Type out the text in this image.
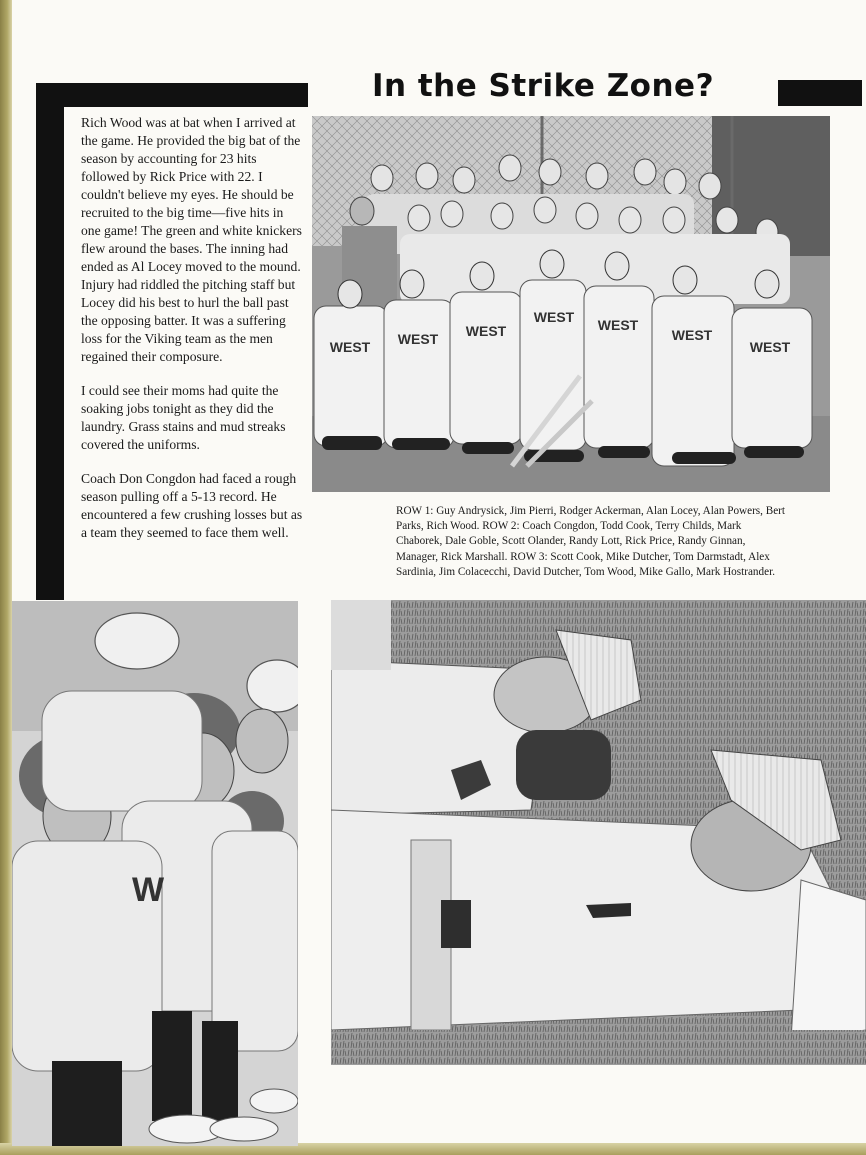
In the Strike Zone?

Rich Wood was at bat when I arrived at the game. He provided the big bat of the season by accounting for 23 hits followed by Rick Price with 22. I couldn't believe my eyes. He should be recruited to the big time—five hits in one game! The green and white knickers flew around the bases. The inning had ended as Al Locey moved to the mound. Injury had riddled the pitching staff but Locey did his best to hurl the ball past the opposing batter. It was a suffering loss for the Viking team as the men regained their composure.

I could see their moms had quite the soaking jobs tonight as they did the laundry. Grass stains and mud streaks covered the uniforms.

Coach Don Congdon had faced a rough season pulling off a 5-13 record. He encountered a few crushing losses but as a team they seemed to face them well.

WEST WEST WEST
WEST WEST
WEST
WEST
ROW 1: Guy Andrysick, Jim Pierri, Rodger Ackerman, Alan Locey, Alan Powers, Bert Parks, Rich Wood. ROW 2: Coach Congdon, Todd Cook, Terry Childs, Mark Chaborek, Dale Goble, Scott Olander, Randy Lott, Rick Price, Randy Ginnan, Manager, Rick Marshall. ROW 3: Scott Cook, Mike Dutcher, Tom Darmstadt, Alex Sardinia, Jim Colacecchi, David Dutcher, Tom Wood, Mike Gallo, Mark Hostrander.
W
